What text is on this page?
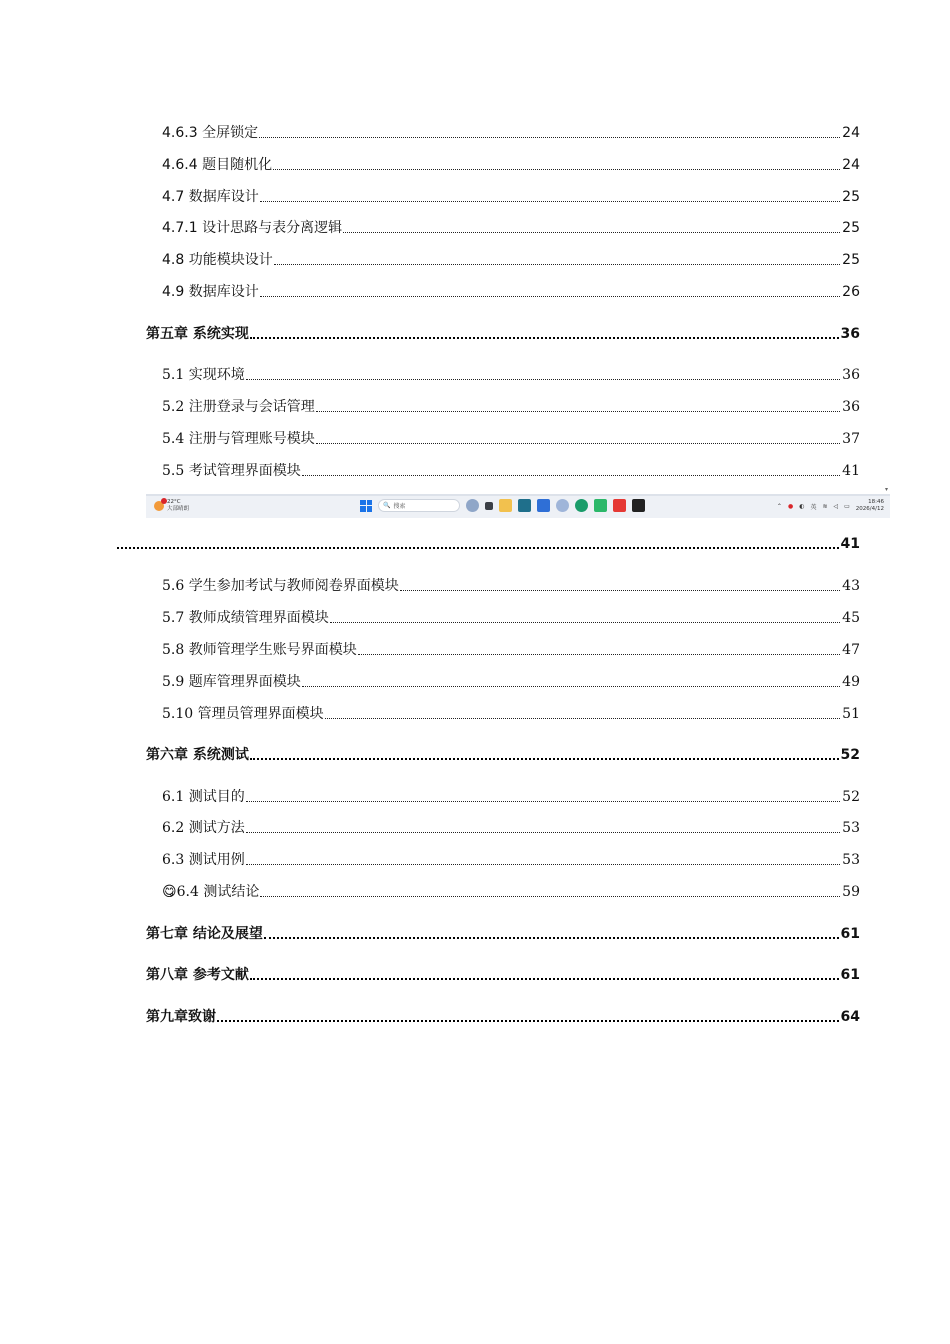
4.6.3 全屏锁定	24
4.6.4 题目随机化	24
4.7 数据库设计	25
4.7.1 设计思路与表分离逻辑	25
4.8 功能模块设计	25
4.9 数据库设计	26
第五章 系统实现	36
5.1 实现环境	36
5.2 注册登录与会话管理	36
5.4 注册与管理账号模块	37
5.5 考试管理界面模块	41
▾
22°C
大部晴朗	🔍 搜索	⌃ ● ◐ 英 ≋ ◁ ▭
18:46
2026/4/12
41
5.6 学生参加考试与教师阅卷界面模块	43
5.7 教师成绩管理界面模块	45
5.8 教师管理学生账号界面模块	47
5.9 题库管理界面模块	49
5.10 管理员管理界面模块	51
第六章 系统测试	52
6.1 测试目的	52
6.2 测试方法	53
6.3 测试用例	53
😋6.4 测试结论	59
第七章 结论及展望	61
第八章 参考文献	61
第九章致谢	64
